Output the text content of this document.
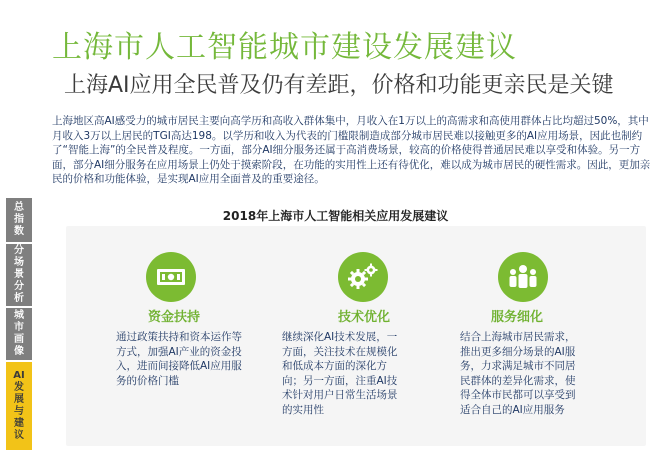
上海市人工智能城市建设发展建议
上海AI应用全民普及仍有差距，价格和功能更亲民是关键

上海地区高AI感受力的城市居民主要向高学历和高收入群体集中，月收入在1万以上的高需求和高使用群体占比均超过50%，其中月收入3万以上居民的TGI高达198。以学历和收入为代表的门槛限制造成部分城市居民难以接触更多的AI应用场景，因此也制约了“智能上海”的全民普及程度。一方面，部分AI细分服务还属于高消费场景，较高的价格使得普通居民难以享受和体验。另一方面，部分AI细分服务在应用场景上仍处于摸索阶段，在功能的实用性上还有待优化，难以成为城市居民的硬性需求。因此，更加亲民的价格和功能体验，是实现AI应用全面普及的重要途径。

总指数
分场景分析
城市画像
AI发展与建议
2018年上海市人工智能相关应用发展建议
资金扶持
通过政策扶持和资本运作等方式，加强AI产业的资金投入，进而间接降低AI应用服务的价格门槛
技术优化
继续深化AI技术发展，一方面，关注技术在规模化和低成本方面的深化方向；另一方面，注重AI技术针对用户日常生活场景的实用性
服务细化
结合上海城市居民需求，推出更多细分场景的AI服务，力求满足城市不同居民群体的差异化需求，使得全体市民都可以享受到适合自己的AI应用服务
